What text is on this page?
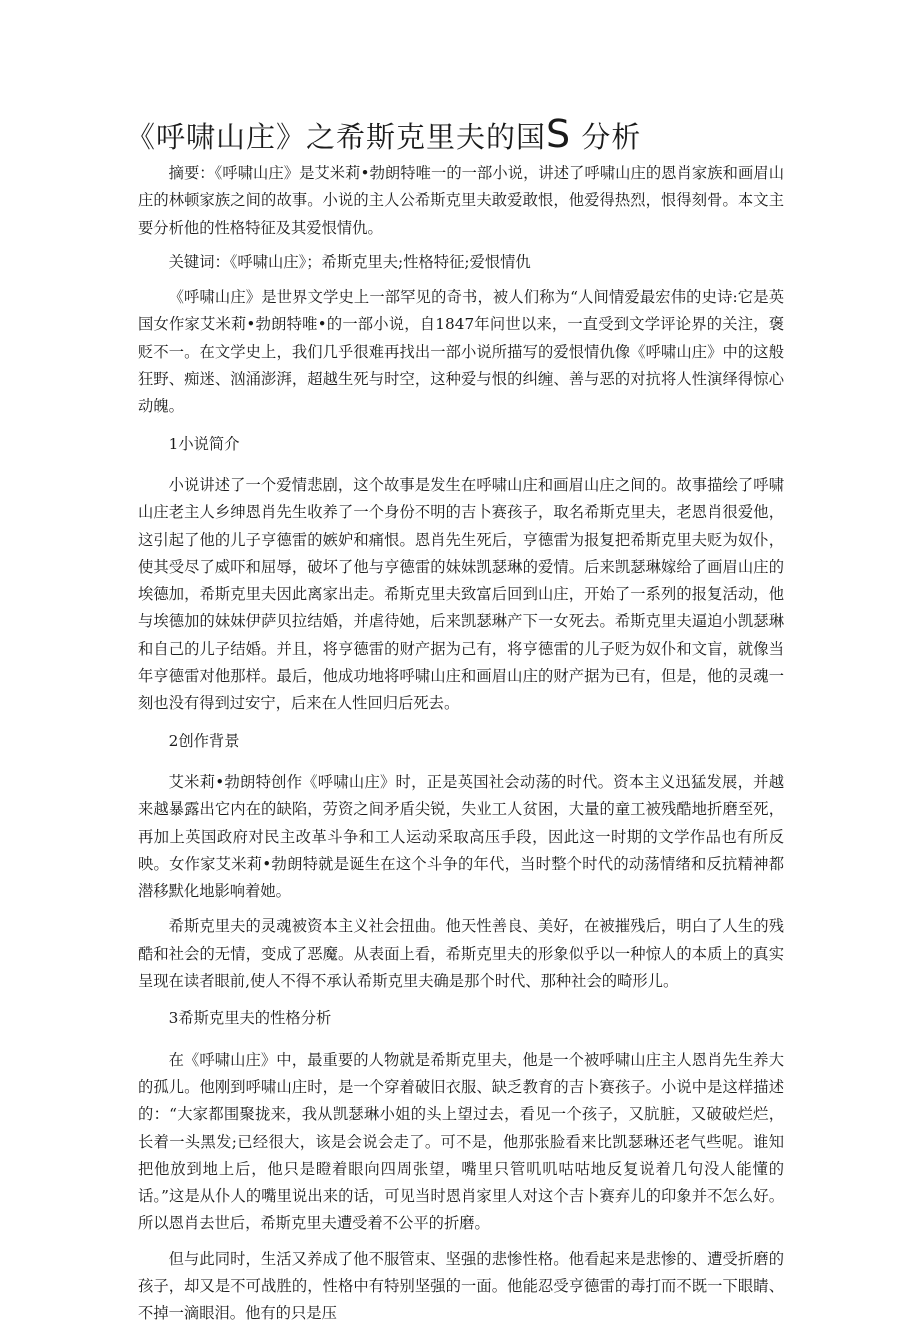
《呼啸山庄》之希斯克里夫的国S 分析

摘要：《呼啸山庄》是艾米莉•勃朗特唯一的一部小说，讲述了呼啸山庄的恩肖家族和画眉山庄的林顿家族之间的故事。小说的主人公希斯克里夫敢爱敢恨，他爱得热烈，恨得刻骨。本文主要分析他的性格特征及其爱恨情仇。

关键词：《呼啸山庄》；希斯克里夫;性格特征;爱恨情仇

《呼啸山庄》是世界文学史上一部罕见的奇书，被人们称为“人间情爱最宏伟的史诗:它是英国女作家艾米莉•勃朗特唯•的一部小说，自1847年问世以来，一直受到文学评论界的关注，褒贬不一。在文学史上，我们几乎很难再找出一部小说所描写的爱恨情仇像《呼啸山庄》中的这般狂野、痴迷、汹涌澎湃，超越生死与时空，这种爱与恨的纠缠、善与恶的对抗将人性演绎得惊心动魄。

1小说简介

小说讲述了一个爱情悲剧，这个故事是发生在呼啸山庄和画眉山庄之间的。故事描绘了呼啸山庄老主人乡绅恩肖先生收养了一个身份不明的吉卜赛孩子，取名希斯克里夫，老恩肖很爱他，这引起了他的儿子亨德雷的嫉妒和痛恨。恩肖先生死后，亨德雷为报复把希斯克里夫贬为奴仆，使其受尽了威吓和屈辱，破坏了他与亨德雷的妹妹凯瑟琳的爱情。后来凯瑟琳嫁给了画眉山庄的埃德加，希斯克里夫因此离家出走。希斯克里夫致富后回到山庄，开始了一系列的报复活动，他与埃德加的妹妹伊萨贝拉结婚，并虐待她，后来凯瑟琳产下一女死去。希斯克里夫逼迫小凯瑟琳和自己的儿子结婚。并且，将亨德雷的财产据为己有，将亨德雷的儿子贬为奴仆和文盲，就像当年亨德雷对他那样。最后，他成功地将呼啸山庄和画眉山庄的财产据为已有，但是，他的灵魂一刻也没有得到过安宁，后来在人性回归后死去。

2创作背景

艾米莉•勃朗特创作《呼啸山庄》时，正是英国社会动荡的时代。资本主义迅猛发展，并越来越暴露出它内在的缺陷，劳资之间矛盾尖锐，失业工人贫困，大量的童工被残酷地折磨至死，再加上英国政府对民主改革斗争和工人运动采取高压手段，因此这一时期的文学作品也有所反映。女作家艾米莉•勃朗特就是诞生在这个斗争的年代，当时整个时代的动荡情绪和反抗精神都潜移默化地影响着她。

希斯克里夫的灵魂被资本主义社会扭曲。他天性善良、美好，在被摧残后，明白了人生的残酷和社会的无情，变成了恶魔。从表面上看，希斯克里夫的形象似乎以一种惊人的本质上的真实呈现在读者眼前,使人不得不承认希斯克里夫确是那个时代、那种社会的畸形儿。

3希斯克里夫的性格分析

在《呼啸山庄》中，最重要的人物就是希斯克里夫，他是一个被呼啸山庄主人恩肖先生养大的孤儿。他刚到呼啸山庄时，是一个穿着破旧衣服、缺乏教育的吉卜赛孩子。小说中是这样描述的：“大家都围聚拢来，我从凯瑟琳小姐的头上望过去，看见一个孩子，又肮脏，又破破烂烂，长着一头黑发;已经很大，该是会说会走了。可不是，他那张脸看来比凯瑟琳还老气些呢。谁知把他放到地上后，他只是瞪着眼向四周张望，嘴里只管叽叽咕咕地反复说着几句没人能懂的话。”这是从仆人的嘴里说出来的话，可见当时恩肖家里人对这个吉卜赛弃儿的印象并不怎么好。所以恩肖去世后，希斯克里夫遭受着不公平的折磨。

但与此同时，生活又养成了他不服管束、坚强的悲惨性格。他看起来是悲惨的、遭受折磨的孩子，却又是不可战胜的，性格中有特别坚强的一面。他能忍受亨德雷的毒打而不既一下眼睛、不掉一滴眼泪。他有的只是压
